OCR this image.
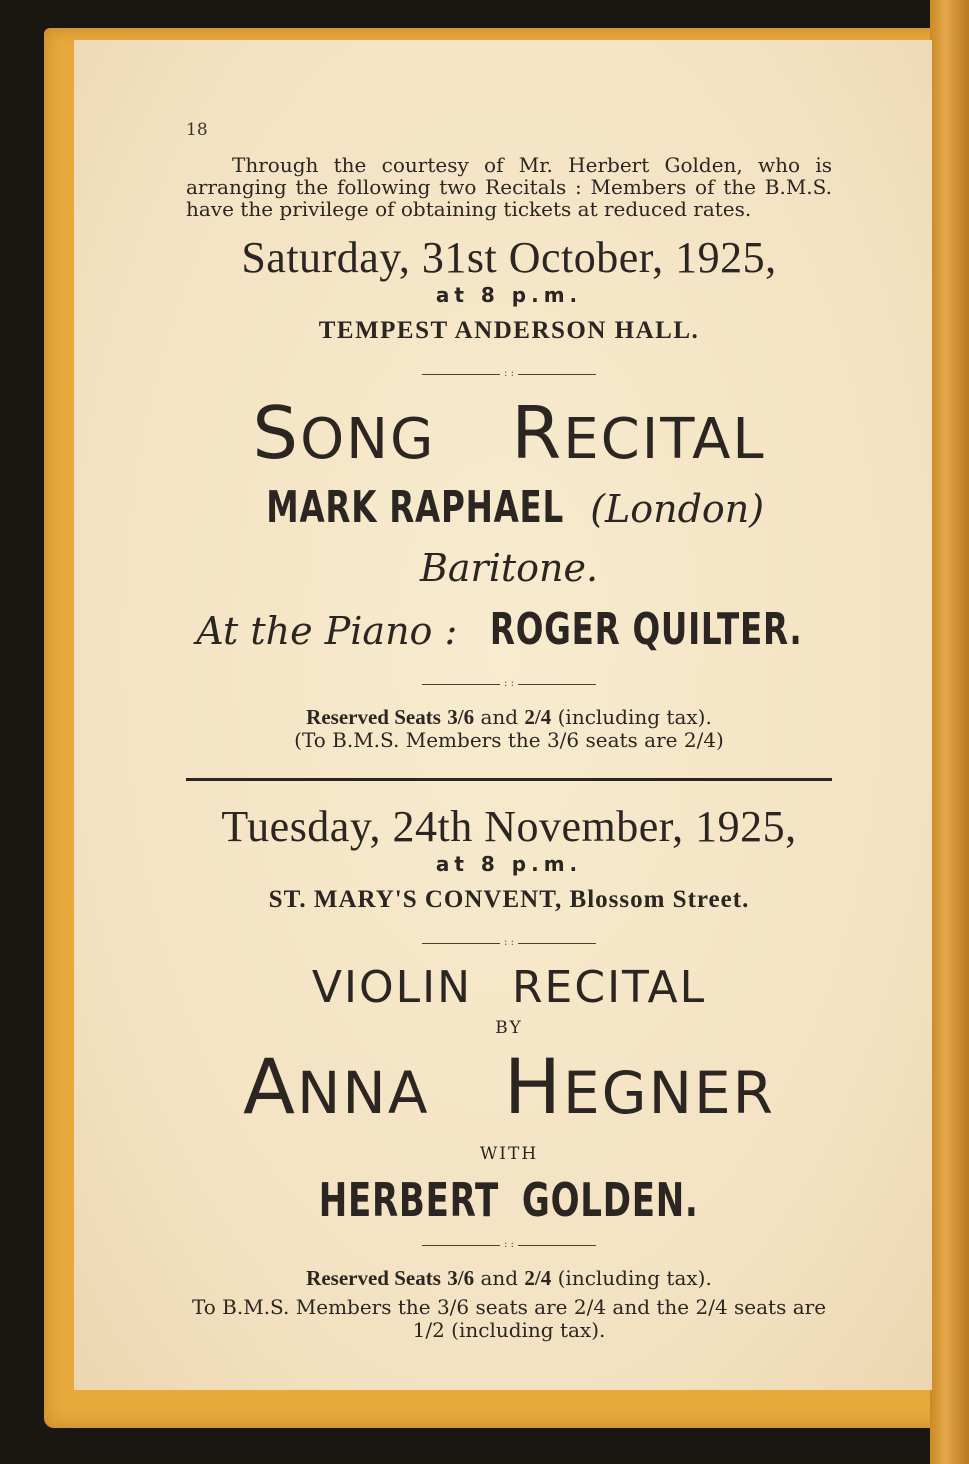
18

Through the courtesy of Mr. Herbert Golden, who is arranging the following two Recitals : Members of the B.M.S. have the privilege of obtaining tickets at reduced rates.

Saturday, 31st October, 1925,

at 8 p.m.

TEMPEST ANDERSON HALL.

: :

SONG RECITAL

MARK RAPHAEL (London) Baritone.

At the Piano : ROGER QUILTER.

: :

Reserved Seats 3/6 and 2/4 (including tax).

(To B.M.S. Members the 3/6 seats are 2/4)

Tuesday, 24th November, 1925,

at 8 p.m.

ST. MARY'S CONVENT, Blossom Street.

: :

VIOLIN RECITAL

BY

ANNA HEGNER

WITH

HERBERT GOLDEN.

: :

Reserved Seats 3/6 and 2/4 (including tax).

To B.M.S. Members the 3/6 seats are 2/4 and the 2/4 seats are 1/2 (including tax).
